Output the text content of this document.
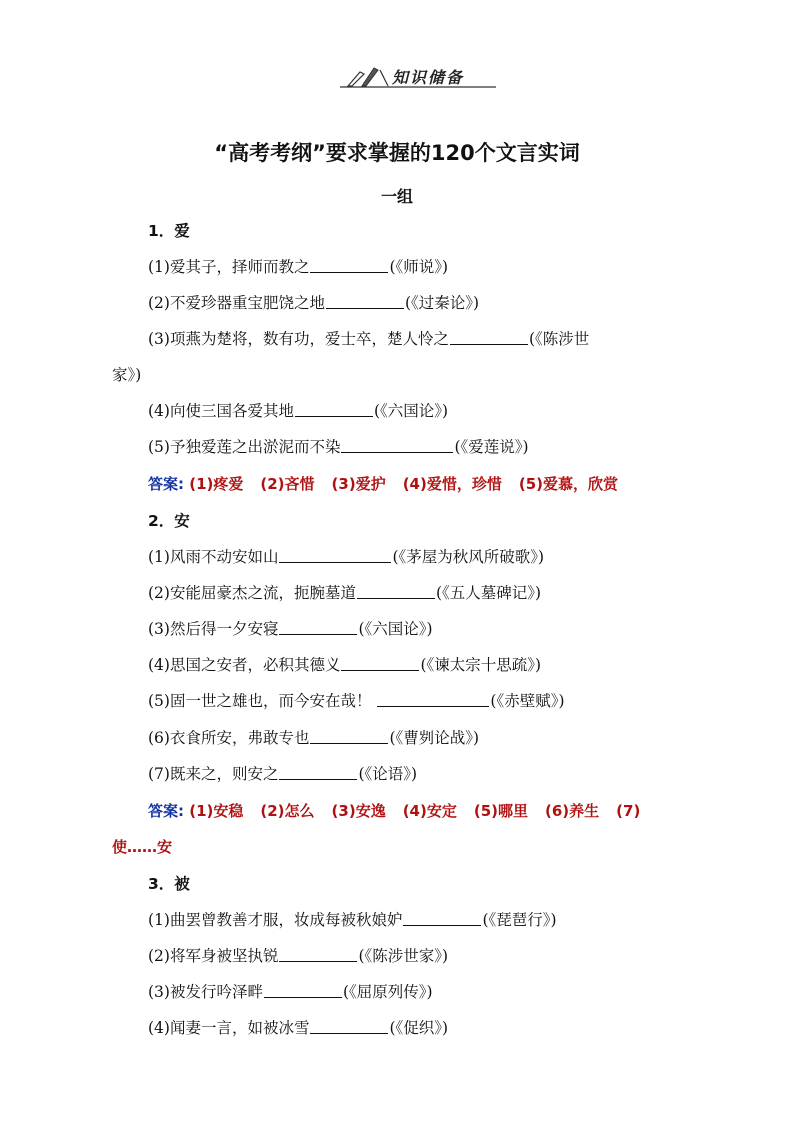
知识储备
“高考考纲”要求掌握的120个文言实词
一组
1．爱
(1)爱其子，择师而教之	(《师说》)
(2)不爱珍器重宝肥饶之地	(《过秦论》)
(3)项燕为楚将，数有功，爱士卒，楚人怜之	(《陈涉世
家》)
(4)向使三国各爱其地	(《六国论》)
(5)予独爱莲之出淤泥而不染	(《爱莲说》)
答案: (1)疼爱 (2)吝惜 (3)爱护 (4)爱惜，珍惜 (5)爱慕，欣赏
2．安
(1)风雨不动安如山	(《茅屋为秋风所破歌》)
(2)安能屈豪杰之流，扼腕墓道	(《五人墓碑记》)
(3)然后得一夕安寝	(《六国论》)
(4)思国之安者，必积其德义	(《谏太宗十思疏》)
(5)固一世之雄也，而今安在哉！	(《赤壁赋》)
(6)衣食所安，弗敢专也	(《曹刿论战》)
(7)既来之，则安之	(《论语》)
答案: (1)安稳 (2)怎么 (3)安逸 (4)安定 (5)哪里 (6)养生 (7)
使……安
3．被
(1)曲罢曾教善才服，妆成每被秋娘妒	(《琵琶行》)
(2)将军身被坚执锐	(《陈涉世家》)
(3)被发行吟泽畔	(《屈原列传》)
(4)闻妻一言，如被冰雪	(《促织》)
